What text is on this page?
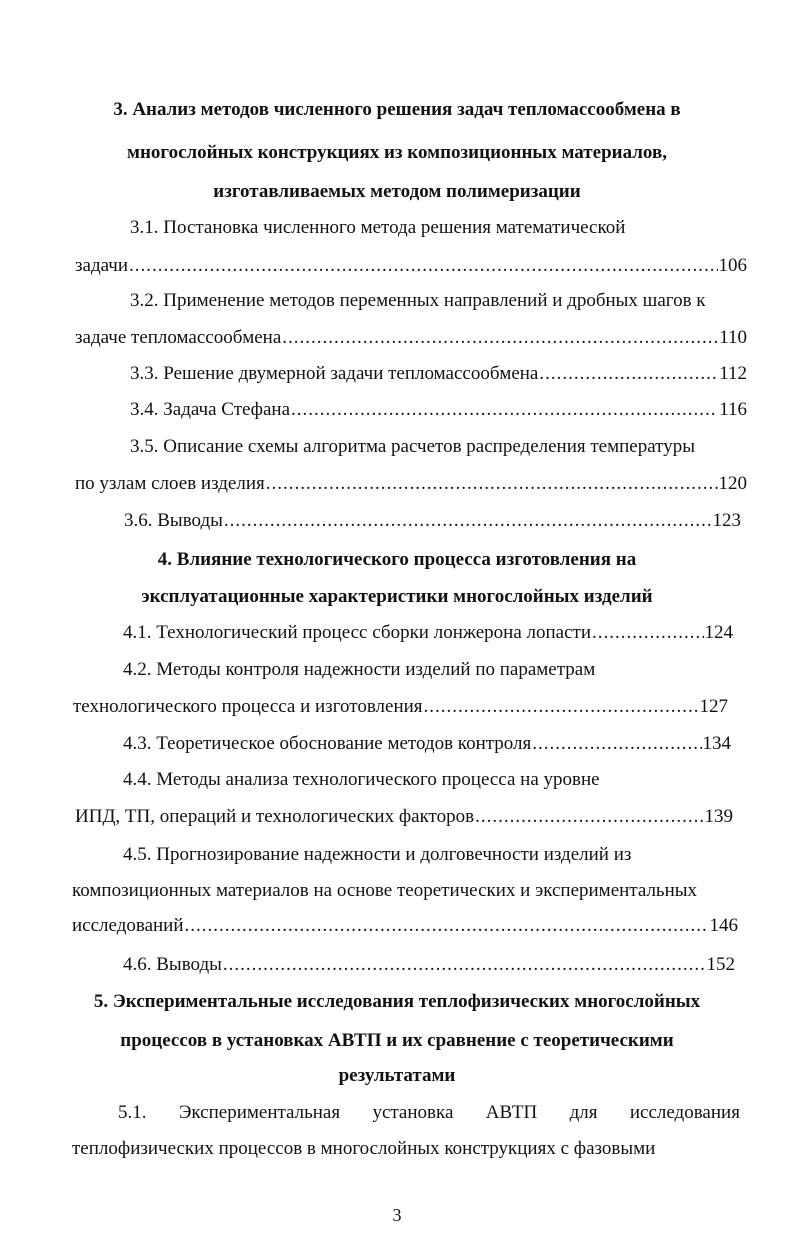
3. Анализ методов численного решения задач тепломассообмена в
многослойных конструкциях из композиционных материалов,
изготавливаемых методом полимеризации
3.1. Постановка численного метода решения математической
задачи .....	106
3.2. Применение методов переменных направлений и дробных шагов к
задаче тепломассообмена .....	110
3.3. Решение двумерной задачи тепломассообмена .....	112
3.4. Задача Стефана .....	116
3.5. Описание схемы алгоритма расчетов распределения температуры
по узлам слоев изделия .....	120
3.6. Выводы .....	123
4. Влияние технологического процесса изготовления на
эксплуатационные характеристики многослойных изделий
4.1. Технологический процесс сборки лонжерона лопасти .....	124
4.2. Методы контроля надежности изделий по параметрам
технологического процесса и изготовления .....	127
4.3. Теоретическое обоснование методов контроля .....	134
4.4. Методы анализа технологического процесса на уровне
ИПД, ТП, операций и технологических факторов .....	139
4.5. Прогнозирование надежности и долговечности изделий из
композиционных материалов на основе теоретических и экспериментальных
исследований .....	146
4.6. Выводы .....	152
5. Экспериментальные исследования теплофизических многослойных
процессов в установках АВТП и их сравнение с теоретическими
результатами
5.1. Экспериментальная установка АВТП для исследования
теплофизических процессов в многослойных конструкциях с фазовыми
3
